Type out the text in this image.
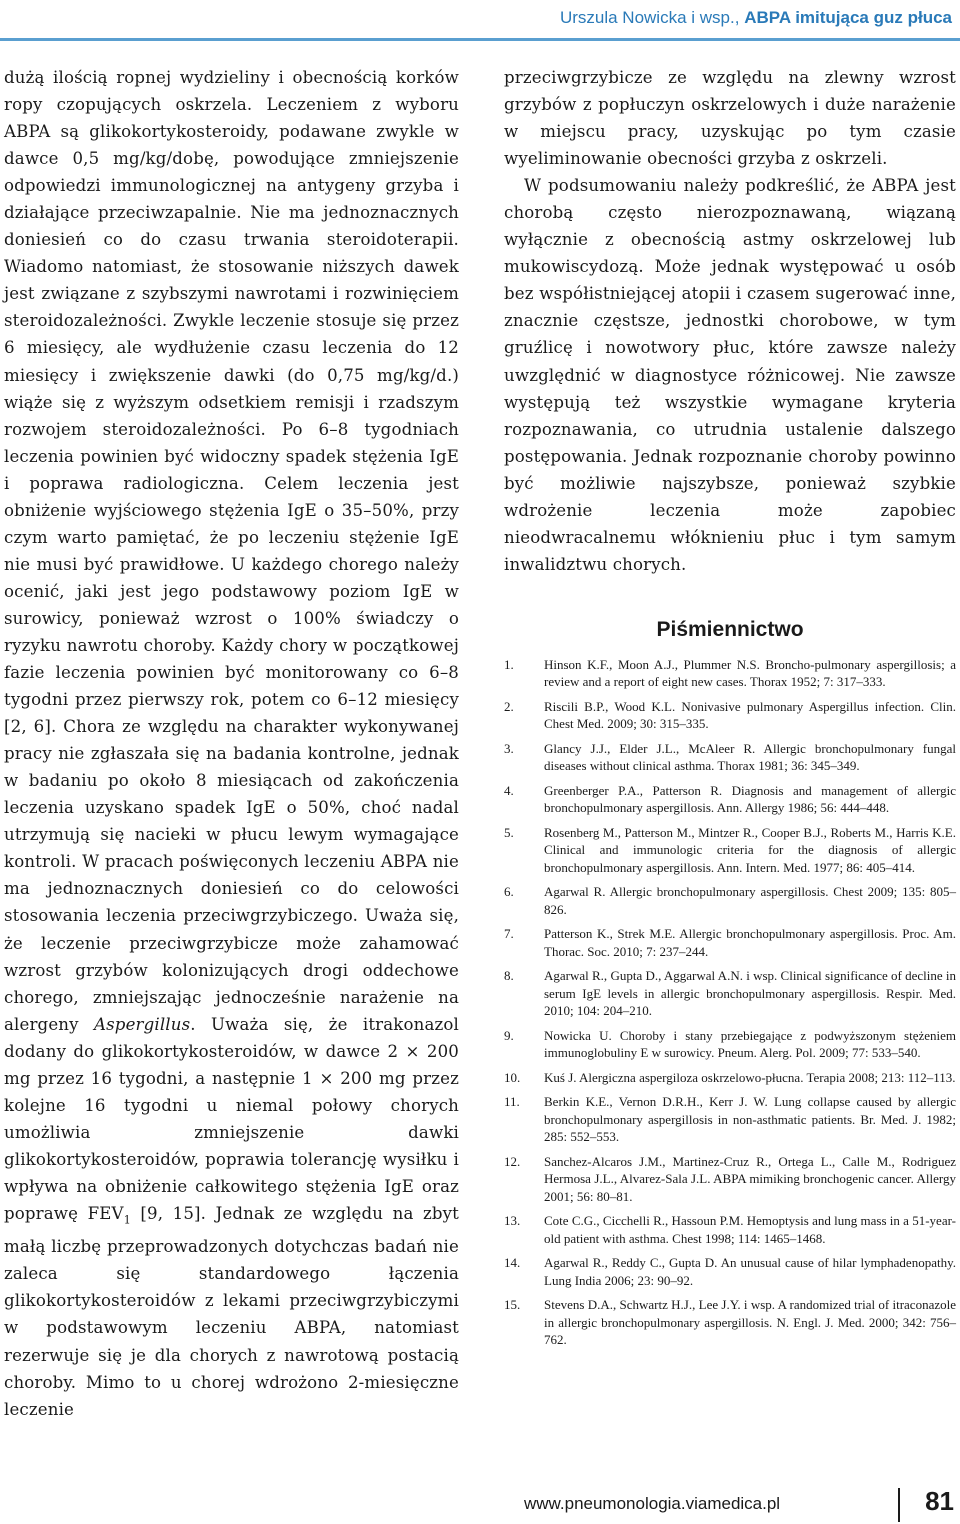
Urszula Nowicka i wsp., ABPA imitująca guz płuca

dużą ilością ropnej wydzieliny i obecnością korków ropy czopujących oskrzela. Leczeniem z wyboru ABPA są glikokortykosteroidy, podawane zwykle w dawce 0,5 mg/kg/dobę, powodujące zmniejszenie odpowiedzi immunologicznej na antygeny grzyba i działające przeciwzapalnie. Nie ma jednoznacznych doniesień co do czasu trwania steroidoterapii. Wiadomo natomiast, że stosowanie niższych dawek jest związane z szybszymi nawrotami i rozwinięciem steroidozależności. Zwykle leczenie stosuje się przez 6 miesięcy, ale wydłużenie czasu leczenia do 12 miesięcy i zwiększenie dawki (do 0,75 mg/kg/d.) wiąże się z wyższym odsetkiem remisji i rzadszym rozwojem steroidozależności. Po 6–8 tygodniach leczenia powinien być widoczny spadek stężenia IgE i poprawa radiologiczna. Celem leczenia jest obniżenie wyjściowego stężenia IgE o 35–50%, przy czym warto pamiętać, że po leczeniu stężenie IgE nie musi być prawidłowe. U każdego chorego należy ocenić, jaki jest jego podstawowy poziom IgE w surowicy, ponieważ wzrost o 100% świadczy o ryzyku nawrotu choroby. Każdy chory w początkowej fazie leczenia powinien być monitorowany co 6–8 tygodni przez pierwszy rok, potem co 6–12 miesięcy [2, 6]. Chora ze względu na charakter wykonywanej pracy nie zgłaszała się na badania kontrolne, jednak w badaniu po około 8 miesiącach od zakończenia leczenia uzyskano spadek IgE o 50%, choć nadal utrzymują się nacieki w płucu lewym wymagające kontroli. W pracach poświęconych leczeniu ABPA nie ma jednoznacznych doniesień co do celowości stosowania leczenia przeciwgrzybiczego. Uważa się, że leczenie przeciwgrzybicze może zahamować wzrost grzybów kolonizujących drogi oddechowe chorego, zmniejszając jednocześnie narażenie na alergeny Aspergillus. Uważa się, że itrakonazol dodany do glikokortykosteroidów, w dawce 2 × 200 mg przez 16 tygodni, a następnie 1 × 200 mg przez kolejne 16 tygodni u niemal połowy chorych umożliwia zmniejszenie dawki glikokortykosteroidów, poprawia tolerancję wysiłku i wpływa na obniżenie całkowitego stężenia IgE oraz poprawę $FEV_1$ [9, 15]. Jednak ze względu na zbyt małą liczbę przeprowadzonych dotychczas badań nie zaleca się standardowego łączenia glikokortykosteroidów z lekami przeciwgrzybiczymi w podstawowym leczeniu ABPA, natomiast rezerwuje się je dla chorych z nawrotową postacią choroby. Mimo to u chorej wdrożono 2-miesięczne leczenie

przeciwgrzybicze ze względu na zlewny wzrost grzybów z popłuczyn oskrzelowych i duże narażenie w miejscu pracy, uzyskując po tym czasie wyeliminowanie obecności grzyba z oskrzeli.

W podsumowaniu należy podkreślić, że ABPA jest chorobą często nierozpoznawaną, wiązaną wyłącznie z obecnością astmy oskrzelowej lub mukowiscydozą. Może jednak występować u osób bez współistniejącej atopii i czasem sugerować inne, znacznie częstsze, jednostki chorobowe, w tym gruźlicę i nowotwory płuc, które zawsze należy uwzględnić w diagnostyce różnicowej. Nie zawsze występują też wszystkie wymagane kryteria rozpoznawania, co utrudnia ustalenie dalszego postępowania. Jednak rozpoznanie choroby powinno być możliwie najszybsze, ponieważ szybkie wdrożenie leczenia może zapobiec nieodwracalnemu włóknieniu płuc i tym samym inwalidztwu chorych.

Piśmiennictwo
1. Hinson K.F., Moon A.J., Plummer N.S. Broncho-pulmonary aspergillosis; a review and a report of eight new cases. Thorax 1952; 7: 317–333.
2. Riscili B.P., Wood K.L. Nonivasive pulmonary Aspergillus infection. Clin. Chest Med. 2009; 30: 315–335.
3. Glancy J.J., Elder J.L., McAleer R. Allergic bronchopulmonary fungal diseases without clinical asthma. Thorax 1981; 36: 345–349.
4. Greenberger P.A., Patterson R. Diagnosis and management of allergic bronchopulmonary aspergillosis. Ann. Allergy 1986; 56: 444–448.
5. Rosenberg M., Patterson M., Mintzer R., Cooper B.J., Roberts M., Harris K.E. Clinical and immunologic criteria for the diagnosis of allergic bronchopulmonary aspergillosis. Ann. Intern. Med. 1977; 86: 405–414.
6. Agarwal R. Allergic bronchopulmonary aspergillosis. Chest 2009; 135: 805–826.
7. Patterson K., Strek M.E. Allergic bronchopulmonary aspergillosis. Proc. Am. Thorac. Soc. 2010; 7: 237–244.
8. Agarwal R., Gupta D., Aggarwal A.N. i wsp. Clinical significance of decline in serum IgE levels in allergic bronchopulmonary aspergillosis. Respir. Med. 2010; 104: 204–210.
9. Nowicka U. Choroby i stany przebiegające z podwyższonym stężeniem immunoglobuliny E w surowicy. Pneum. Alerg. Pol. 2009; 77: 533–540.
10. Kuś J. Alergiczna aspergiloza oskrzelowo-płucna. Terapia 2008; 213: 112–113.
11. Berkin K.E., Vernon D.R.H., Kerr J. W. Lung collapse caused by allergic bronchopulmonary aspergillosis in non-asthmatic patients. Br. Med. J. 1982; 285: 552–553.
12. Sanchez-Alcaros J.M., Martinez-Cruz R., Ortega L., Calle M., Rodriguez Hermosa J.L., Alvarez-Sala J.L. ABPA mimiking bronchogenic cancer. Allergy 2001; 56: 80–81.
13. Cote C.G., Cicchelli R., Hassoun P.M. Hemoptysis and lung mass in a 51-year-old patient with asthma. Chest 1998; 114: 1465–1468.
14. Agarwal R., Reddy C., Gupta D. An unusual cause of hilar lymphadenopathy. Lung India 2006; 23: 90–92.
15. Stevens D.A., Schwartz H.J., Lee J.Y. i wsp. A randomized trial of itraconazole in allergic bronchopulmonary aspergillosis. N. Engl. J. Med. 2000; 342: 756–762.
www.pneumonologia.viamedica.pl	81
